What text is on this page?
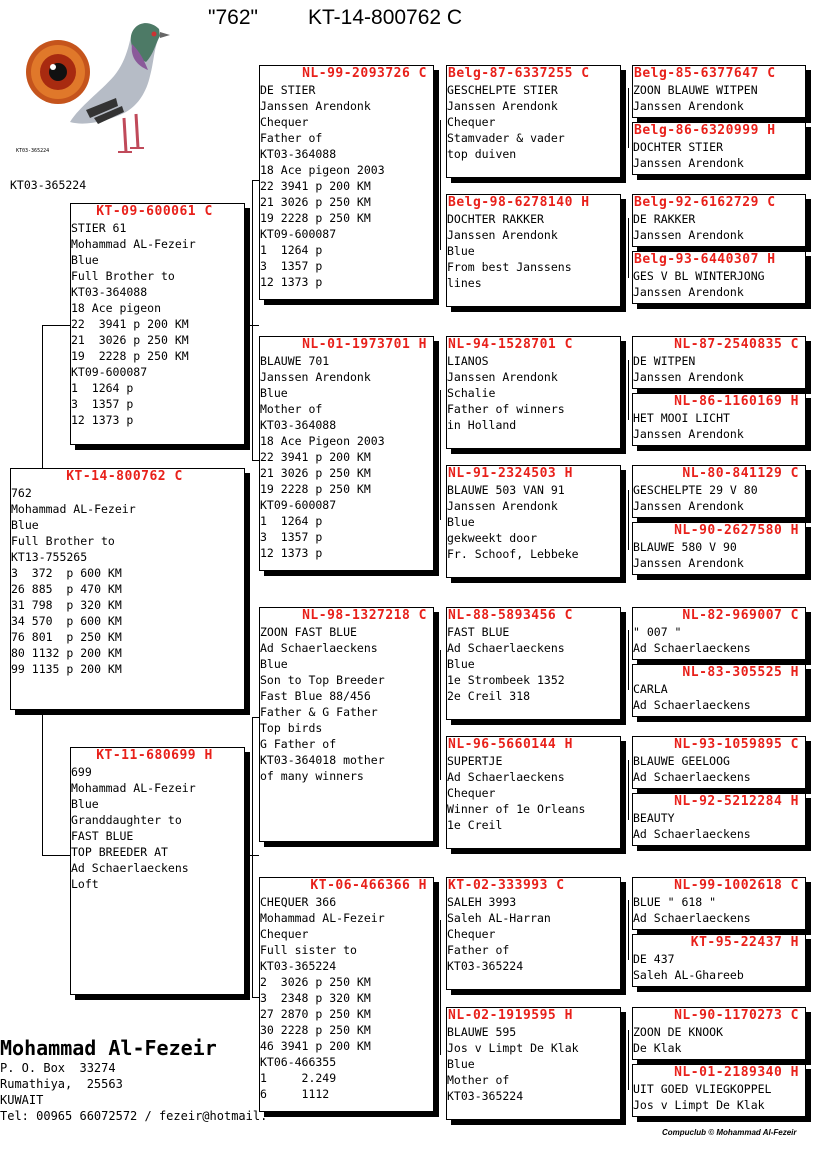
"762" KT-14-800762 C
KT03-365224
KT03-365224
KT-14-800762 C
762
Mohammad AL-Fezeir
Blue
Full Brother to
KT13-755265
3  372  p 600 KM
26 885  p 470 KM
31 798  p 320 KM
34 570  p 600 KM
76 801  p 250 KM
80 1132 p 200 KM
99 1135 p 200 KM
KT-09-600061 C
STIER 61
Mohammad AL-Fezeir
Blue
Full Brother to
KT03-364088
18 Ace pigeon
22  3941 p 200 KM
21  3026 p 250 KM
19  2228 p 250 KM
KT09-600087
1  1264 p
3  1357 p
12 1373 p
KT-11-680699 H
699
Mohammad AL-Fezeir
Blue
Granddaughter to
FAST BLUE
TOP BREEDER AT
Ad Schaerlaeckens
Loft
NL-99-2093726 C
DE STIER
Janssen Arendonk
Chequer
Father of
KT03-364088
18 Ace pigeon 2003
22 3941 p 200 KM
21 3026 p 250 KM
19 2228 p 250 KM
KT09-600087
1  1264 p
3  1357 p
12 1373 p
NL-01-1973701 H
BLAUWE 701
Janssen Arendonk
Blue
Mother of
KT03-364088
18 Ace Pigeon 2003
22 3941 p 200 KM
21 3026 p 250 KM
19 2228 p 250 KM
KT09-600087
1  1264 p
3  1357 p
12 1373 p
NL-98-1327218 C
ZOON FAST BLUE
Ad Schaerlaeckens
Blue
Son to Top Breeder
Fast Blue 88/456
Father & G Father
Top birds
G Father of
KT03-364018 mother
of many winners
KT-06-466366 H
CHEQUER 366
Mohammad AL-Fezeir
Chequer
Full sister to
KT03-365224
2  3026 p 250 KM
3  2348 p 320 KM
27 2870 p 250 KM
30 2228 p 250 KM
46 3941 p 200 KM
KT06-466355
1     2.249
6     1112
Belg-87-6337255 C
GESCHELPTE STIER
Janssen Arendonk
Chequer
Stamvader & vader
top duiven
Belg-98-6278140 H
DOCHTER RAKKER
Janssen Arendonk
Blue
From best Janssens
lines
NL-94-1528701 C
LIANOS
Janssen Arendonk
Schalie
Father of winners
in Holland
NL-91-2324503 H
BLAUWE 503 VAN 91
Janssen Arendonk
Blue
gekweekt door
Fr. Schoof, Lebbeke
NL-88-5893456 C
FAST BLUE
Ad Schaerlaeckens
Blue
1e Strombeek 1352
2e Creil 318
NL-96-5660144 H
SUPERTJE
Ad Schaerlaeckens
Chequer
Winner of 1e Orleans
1e Creil
KT-02-333993 C
SALEH 3993
Saleh AL-Harran
Chequer
Father of
KT03-365224
NL-02-1919595 H
BLAUWE 595
Jos v Limpt De Klak
Blue
Mother of
KT03-365224
Belg-85-6377647 C
ZOON BLAUWE WITPEN
Janssen Arendonk
Belg-86-6320999 H
DOCHTER STIER
Janssen Arendonk
Belg-92-6162729 C
DE RAKKER
Janssen Arendonk
Belg-93-6440307 H
GES V BL WINTERJONG
Janssen Arendonk
NL-87-2540835 C
DE WITPEN
Janssen Arendonk
NL-86-1160169 H
HET MOOI LICHT
Janssen Arendonk
NL-80-841129 C
GESCHELPTE 29 V 80
Janssen Arendonk
NL-90-2627580 H
BLAUWE 580 V 90
Janssen Arendonk
NL-82-969007 C
" 007 "
Ad Schaerlaeckens
NL-83-305525 H
CARLA
Ad Schaerlaeckens
NL-93-1059895 C
BLAUWE GEELOOG
Ad Schaerlaeckens
NL-92-5212284 H
BEAUTY
Ad Schaerlaeckens
NL-99-1002618 C
BLUE " 618 "
Ad Schaerlaeckens
KT-95-22437 H
DE 437
Saleh AL-Ghareeb
NL-90-1170273 C
ZOON DE KNOOK
De Klak
NL-01-2189340 H
UIT GOED VLIEGKOPPEL
Jos v Limpt De Klak
Mohammad Al-Fezeir
P. O. Box  33274
Rumathiya,  25563
KUWAIT
Tel: 00965 66072572 / fezeir@hotmail.
Compuclub © Mohammad Al-Fezeir
